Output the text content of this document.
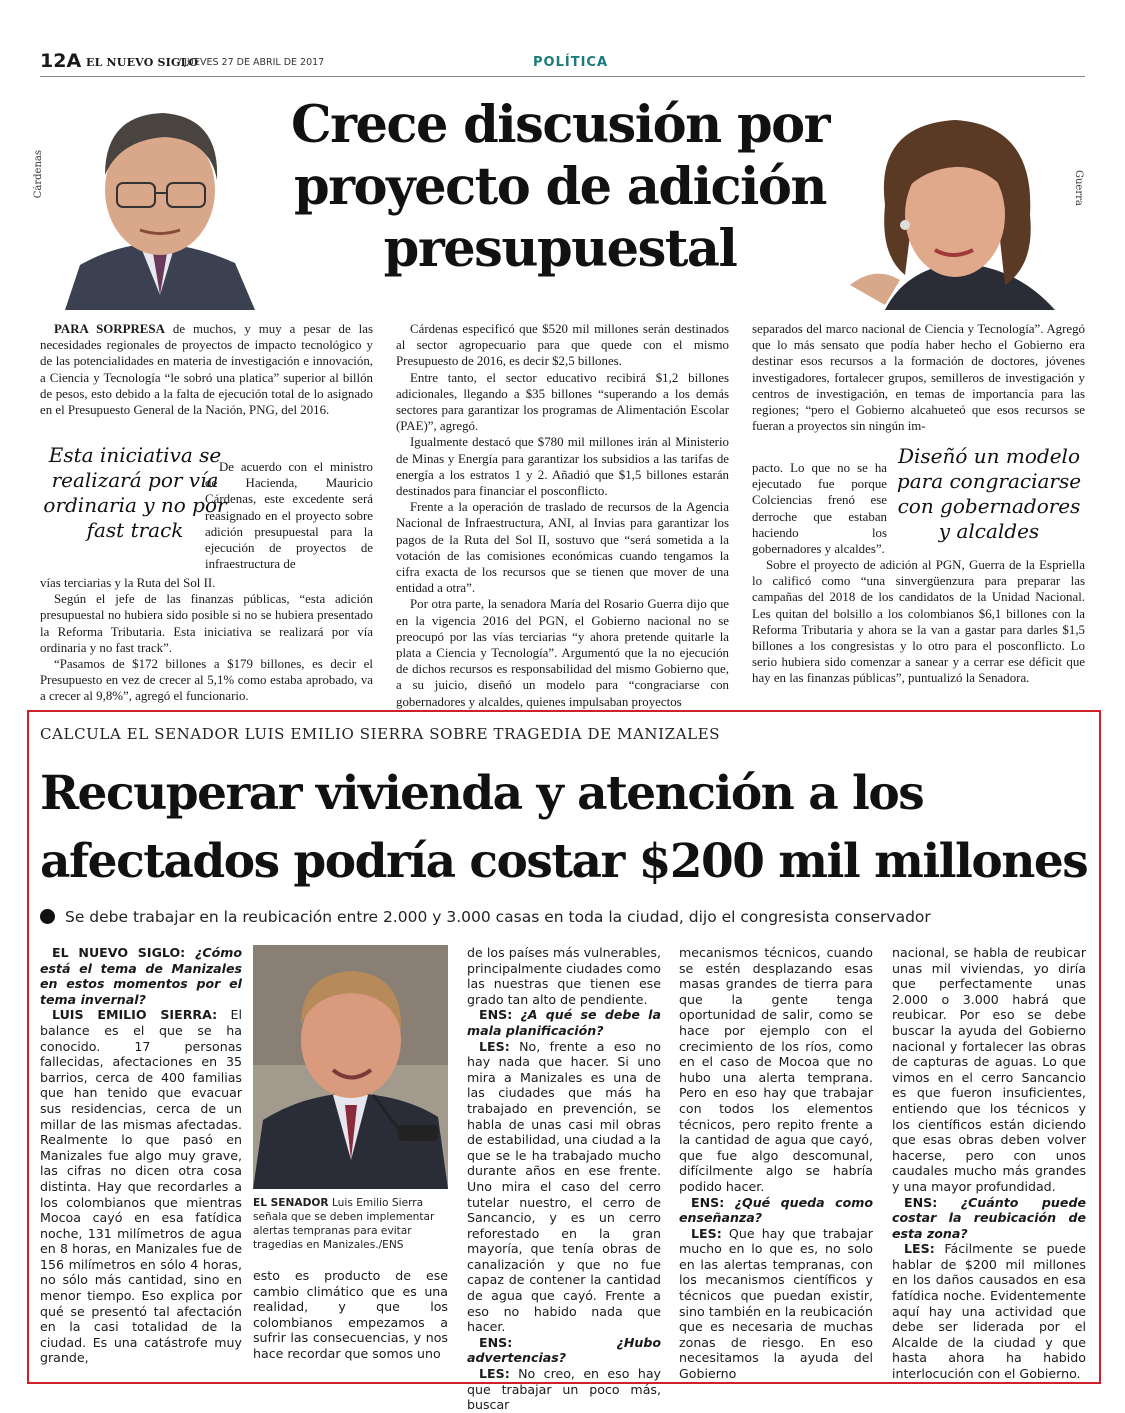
12A EL NUEVO SIGLO
/ JUEVES 27 DE ABRIL DE 2017	POLÍTICA
Cárdenas	Guerra
Crece discusión por proyecto de adición presupuestal

PARA SORPRESA de muchos, y muy a pesar de las necesidades regionales de proyectos de impacto tecnológico y de las potencialidades en materia de investigación e innovación, a Ciencia y Tecnología “le sobró una platica” superior al billón de pesos, esto debido a la falta de ejecución total de lo asignado en el Presupuesto General de la Nación, PNG, del 2016.

Esta iniciativa se realizará por vía ordinaria y no por fast track

De acuerdo con el ministro de Hacienda, Mauricio Cárdenas, este excedente será reasignado en el proyecto sobre adición presupuestal para la ejecución de proyectos de infraestructura de

vías terciarias y la Ruta del Sol II.

Según el jefe de las finanzas públicas, “esta adición presupuestal no hubiera sido posible si no se hubiera presentado la Reforma Tributaria. Esta iniciativa se realizará por vía ordinaria y no fast track”.

“Pasamos de $172 billones a $179 billones, es decir el Presupuesto en vez de crecer al 5,1% como estaba aprobado, va a crecer al 9,8%”, agregó el funcionario.

Cárdenas especificó que $520 mil millones serán destinados al sector agropecuario para que quede con el mismo Presupuesto de 2016, es decir $2,5 billones.

Entre tanto, el sector educativo recibirá $1,2 billones adicionales, llegando a $35 billones “superando a los demás sectores para garantizar los programas de Alimentación Escolar (PAE)”, agregó.

Igualmente destacó que $780 mil millones irán al Ministerio de Minas y Energía para garantizar los subsidios a las tarifas de energía a los estratos 1 y 2. Añadió que $1,5 billones estarán destinados para financiar el posconflicto.

Frente a la operación de traslado de recursos de la Agencia Nacional de Infraestructura, ANI, al Invias para garantizar los pagos de la Ruta del Sol II, sostuvo que “será sometida a la votación de las comisiones económicas cuando tengamos la cifra exacta de los recursos que se tienen que mover de una entidad a otra”.

Por otra parte, la senadora María del Rosario Guerra dijo que en la vigencia 2016 del PGN, el Gobierno nacional no se preocupó por las vías terciarias “y ahora pretende quitarle la plata a Ciencia y Tecnología”. Argumentó que la no ejecución de dichos recursos es responsabilidad del mismo Gobierno que, a su juicio, diseñó un modelo para “congraciarse con gobernadores y alcaldes, quienes impulsaban proyectos

separados del marco nacional de Ciencia y Tecnología”. Agregó que lo más sensato que podía haber hecho el Gobierno era destinar esos recursos a la formación de doctores, jóvenes investigadores, fortalecer grupos, semilleros de investigación y centros de investigación, en temas de importancia para las regiones; “pero el Gobierno alcahueteó que esos recursos se fueran a proyectos sin ningún im-

pacto. Lo que no se ha ejecutado fue porque Colciencias frenó ese derroche que estaban haciendo los gobernadores y alcaldes”.

Diseñó un modelo para congraciarse con gobernadores y alcaldes

Sobre el proyecto de adición al PGN, Guerra de la Espriella lo calificó como “una sinvergüenzura para preparar las campañas del 2018 de los candidatos de la Unidad Nacional. Les quitan del bolsillo a los colombianos $6,1 billones con la Reforma Tributaria y ahora se la van a gastar para darles $1,5 billones a los congresistas y lo otro para el posconflicto. Lo serio hubiera sido comenzar a sanear y a cerrar ese déficit que hay en las finanzas públicas”, puntualizó la Senadora.

CALCULA EL SENADOR LUIS EMILIO SIERRA SOBRE TRAGEDIA DE MANIZALES
Recuperar vivienda y atención a los afectados podría costar $200 mil millones
Se debe trabajar en la reubicación entre 2.000 y 3.000 casas en toda la ciudad, dijo el congresista conservador
EL SENADOR Luis Emilio Sierra señala que se deben implementar alertas tempranas para evitar tragedias en Manizales./ENS

EL NUEVO SIGLO: ¿Cómo está el tema de Manizales en estos momentos por el tema invernal?

LUIS EMILIO SIERRA: El balance es el que se ha conocido. 17 personas fallecidas, afectaciones en 35 barrios, cerca de 400 familias que han tenido que evacuar sus residencias, cerca de un millar de las mismas afectadas. Realmente lo que pasó en Manizales fue algo muy grave, las cifras no dicen otra cosa distinta. Hay que recordarles a los colombianos que mientras Mocoa cayó en esa fatídica noche, 131 milímetros de agua en 8 horas, en Manizales fue de 156 milímetros en sólo 4 horas, no sólo más cantidad, sino en menor tiempo. Eso explica por qué se presentó tal afectación en la casi totalidad de la ciudad. Es una catástrofe muy grande,

esto es producto de ese cambio climático que es una realidad, y que los colombianos empezamos a sufrir las consecuencias, y nos hace recordar que somos uno

de los países más vulnerables, principalmente ciudades como las nuestras que tienen ese grado tan alto de pendiente.

ENS: ¿A qué se debe la mala planificación?

LES: No, frente a eso no hay nada que hacer. Si uno mira a Manizales es una de las ciudades que más ha trabajado en prevención, se habla de unas casi mil obras de estabilidad, una ciudad a la que se le ha trabajado mucho durante años en ese frente. Uno mira el caso del cerro tutelar nuestro, el cerro de Sancancio, y es un cerro reforestado en la gran mayoría, que tenía obras de canalización y que no fue capaz de contener la cantidad de agua que cayó. Frente a eso no habido nada que hacer.

ENS: ¿Hubo advertencias?

LES: No creo, en eso hay que trabajar un poco más, buscar

mecanismos técnicos, cuando se estén desplazando esas masas grandes de tierra para que la gente tenga oportunidad de salir, como se hace por ejemplo con el crecimiento de los ríos, como en el caso de Mocoa que no hubo una alerta temprana. Pero en eso hay que trabajar con todos los elementos técnicos, pero repito frente a la cantidad de agua que cayó, que fue algo descomunal, difícilmente algo se habría podido hacer.

ENS: ¿Qué queda como enseñanza?

LES: Que hay que trabajar mucho en lo que es, no solo en las alertas tempranas, con los mecanismos científicos y técnicos que puedan existir, sino también en la reubicación que es necesaria de muchas zonas de riesgo. En eso necesitamos la ayuda del Gobierno

nacional, se habla de reubicar unas mil viviendas, yo diría que perfectamente unas 2.000 o 3.000 habrá que reubicar. Por eso se debe buscar la ayuda del Gobierno nacional y fortalecer las obras de capturas de aguas. Lo que vimos en el cerro Sancancio es que fueron insuficientes, entiendo que los técnicos y los científicos están diciendo que esas obras deben volver hacerse, pero con unos caudales mucho más grandes y una mayor profundidad.

ENS: ¿Cuánto puede costar la reubicación de esta zona?

LES: Fácilmente se puede hablar de $200 mil millones en los daños causados en esa fatídica noche. Evidentemente aquí hay una actividad que debe ser liderada por el Alcalde de la ciudad y que hasta ahora ha habido interlocución con el Gobierno.
